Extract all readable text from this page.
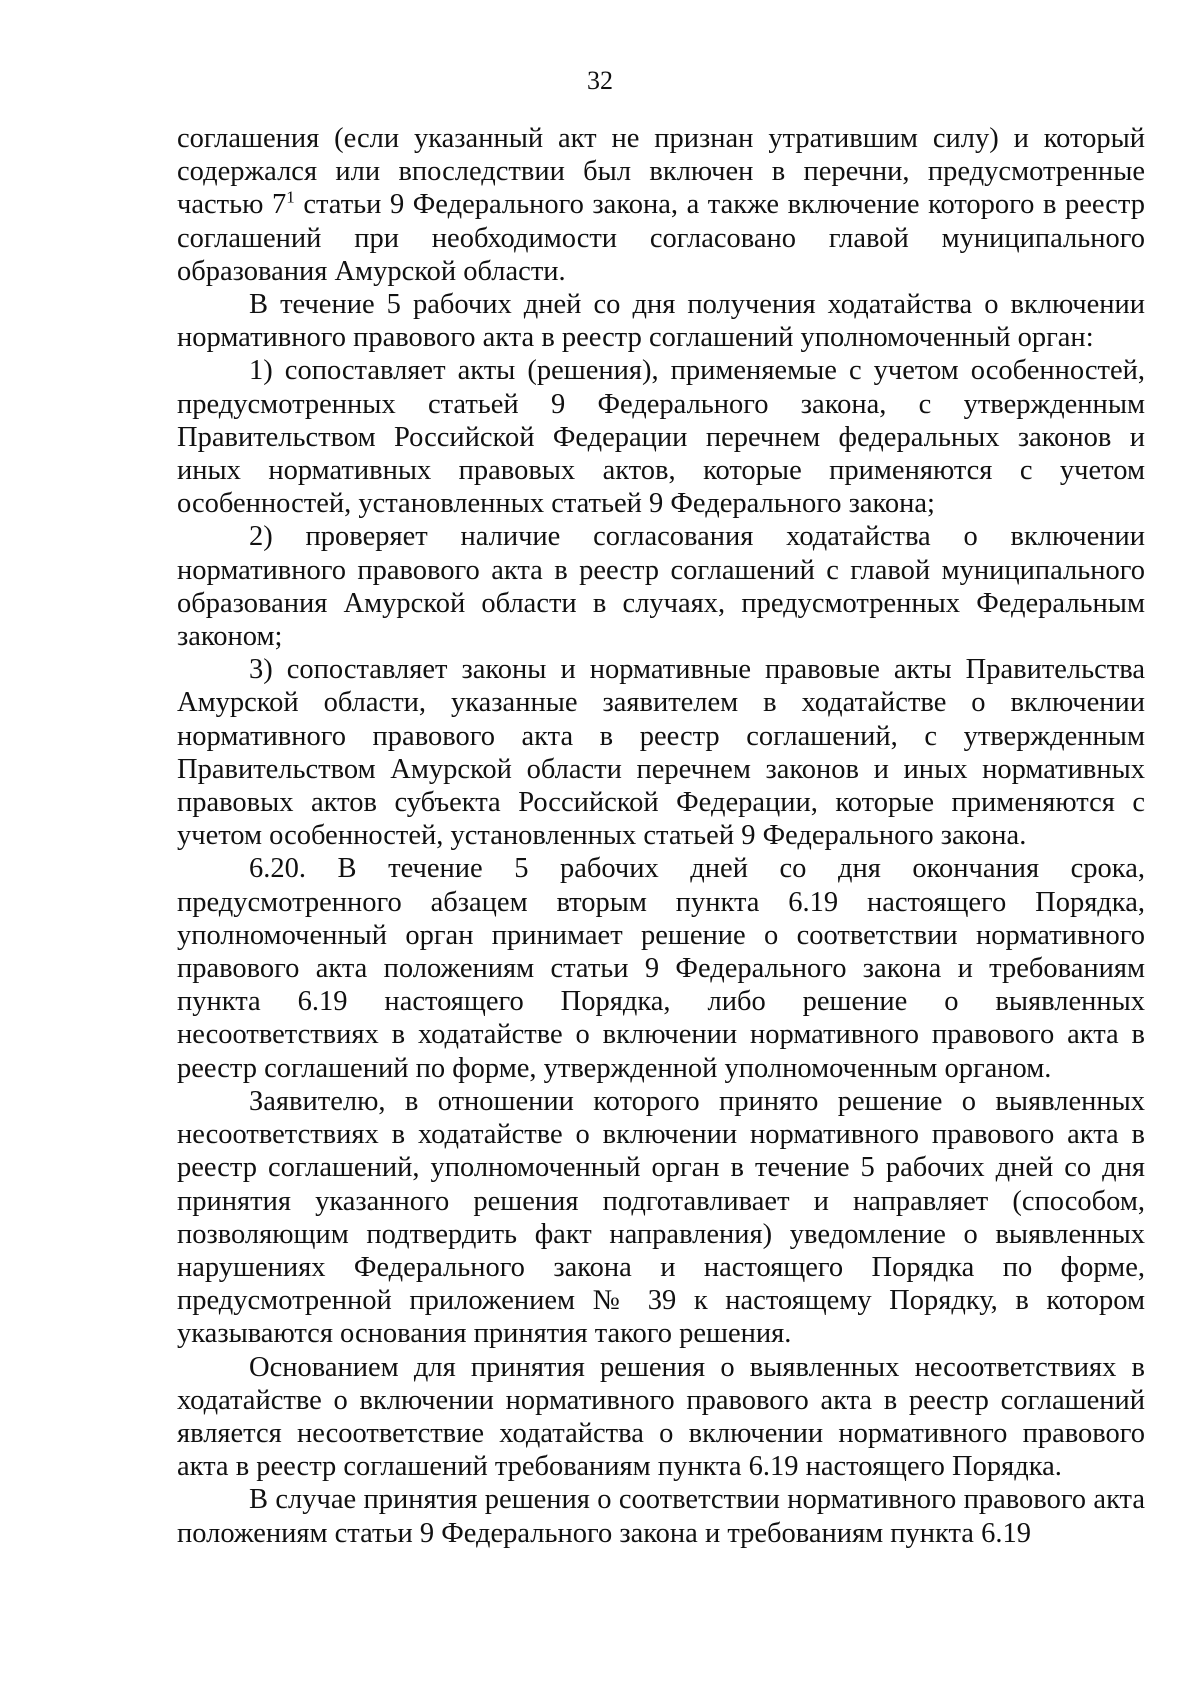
32

соглашения (если указанный акт не признан утратившим силу) и который содержался или впоследствии был включен в перечни, предусмотренные частью $7^1$ статьи 9 Федерального закона, а также включение которого в реестр соглашений при необходимости согласовано главой муниципального образования Амурской области.

В течение 5 рабочих дней со дня получения ходатайства о включении нормативного правового акта в реестр соглашений уполномоченный орган:

1) сопоставляет акты (решения), применяемые с учетом особенностей, предусмотренных статьей 9 Федерального закона, с утвержденным Правительством Российской Федерации перечнем федеральных законов и иных нормативных правовых актов, которые применяются с учетом особенностей, установленных статьей 9 Федерального закона;

2) проверяет наличие согласования ходатайства о включении нормативного правового акта в реестр соглашений с главой муниципального образования Амурской области в случаях, предусмотренных Федеральным законом;

3) сопоставляет законы и нормативные правовые акты Правительства Амурской области, указанные заявителем в ходатайстве о включении нормативного правового акта в реестр соглашений, с утвержденным Правительством Амурской области перечнем законов и иных нормативных правовых актов субъекта Российской Федерации, которые применяются с учетом особенностей, установленных статьей 9 Федерального закона.

6.20. В течение 5 рабочих дней со дня окончания срока, предусмотренного абзацем вторым пункта 6.19 настоящего Порядка, уполномоченный орган принимает решение о соответствии нормативного правового акта положениям статьи 9 Федерального закона и требованиям пункта 6.19 настоящего Порядка, либо решение о выявленных несоответствиях в ходатайстве о включении нормативного правового акта в реестр соглашений по форме, утвержденной уполномоченным органом.

Заявителю, в отношении которого принято решение о выявленных несоответствиях в ходатайстве о включении нормативного правового акта в реестр соглашений, уполномоченный орган в течение 5 рабочих дней со дня принятия указанного решения подготавливает и направляет (способом, позволяющим подтвердить факт направления) уведомление о выявленных нарушениях Федерального закона и настоящего Порядка по форме, предусмотренной приложением № 39 к настоящему Порядку, в котором указываются основания принятия такого решения.

Основанием для принятия решения о выявленных несоответствиях в ходатайстве о включении нормативного правового акта в реестр соглашений является несоответствие ходатайства о включении нормативного правового акта в реестр соглашений требованиям пункта 6.19 настоящего Порядка.

В случае принятия решения о соответствии нормативного правового акта положениям статьи 9 Федерального закона и требованиям пункта 6.19
